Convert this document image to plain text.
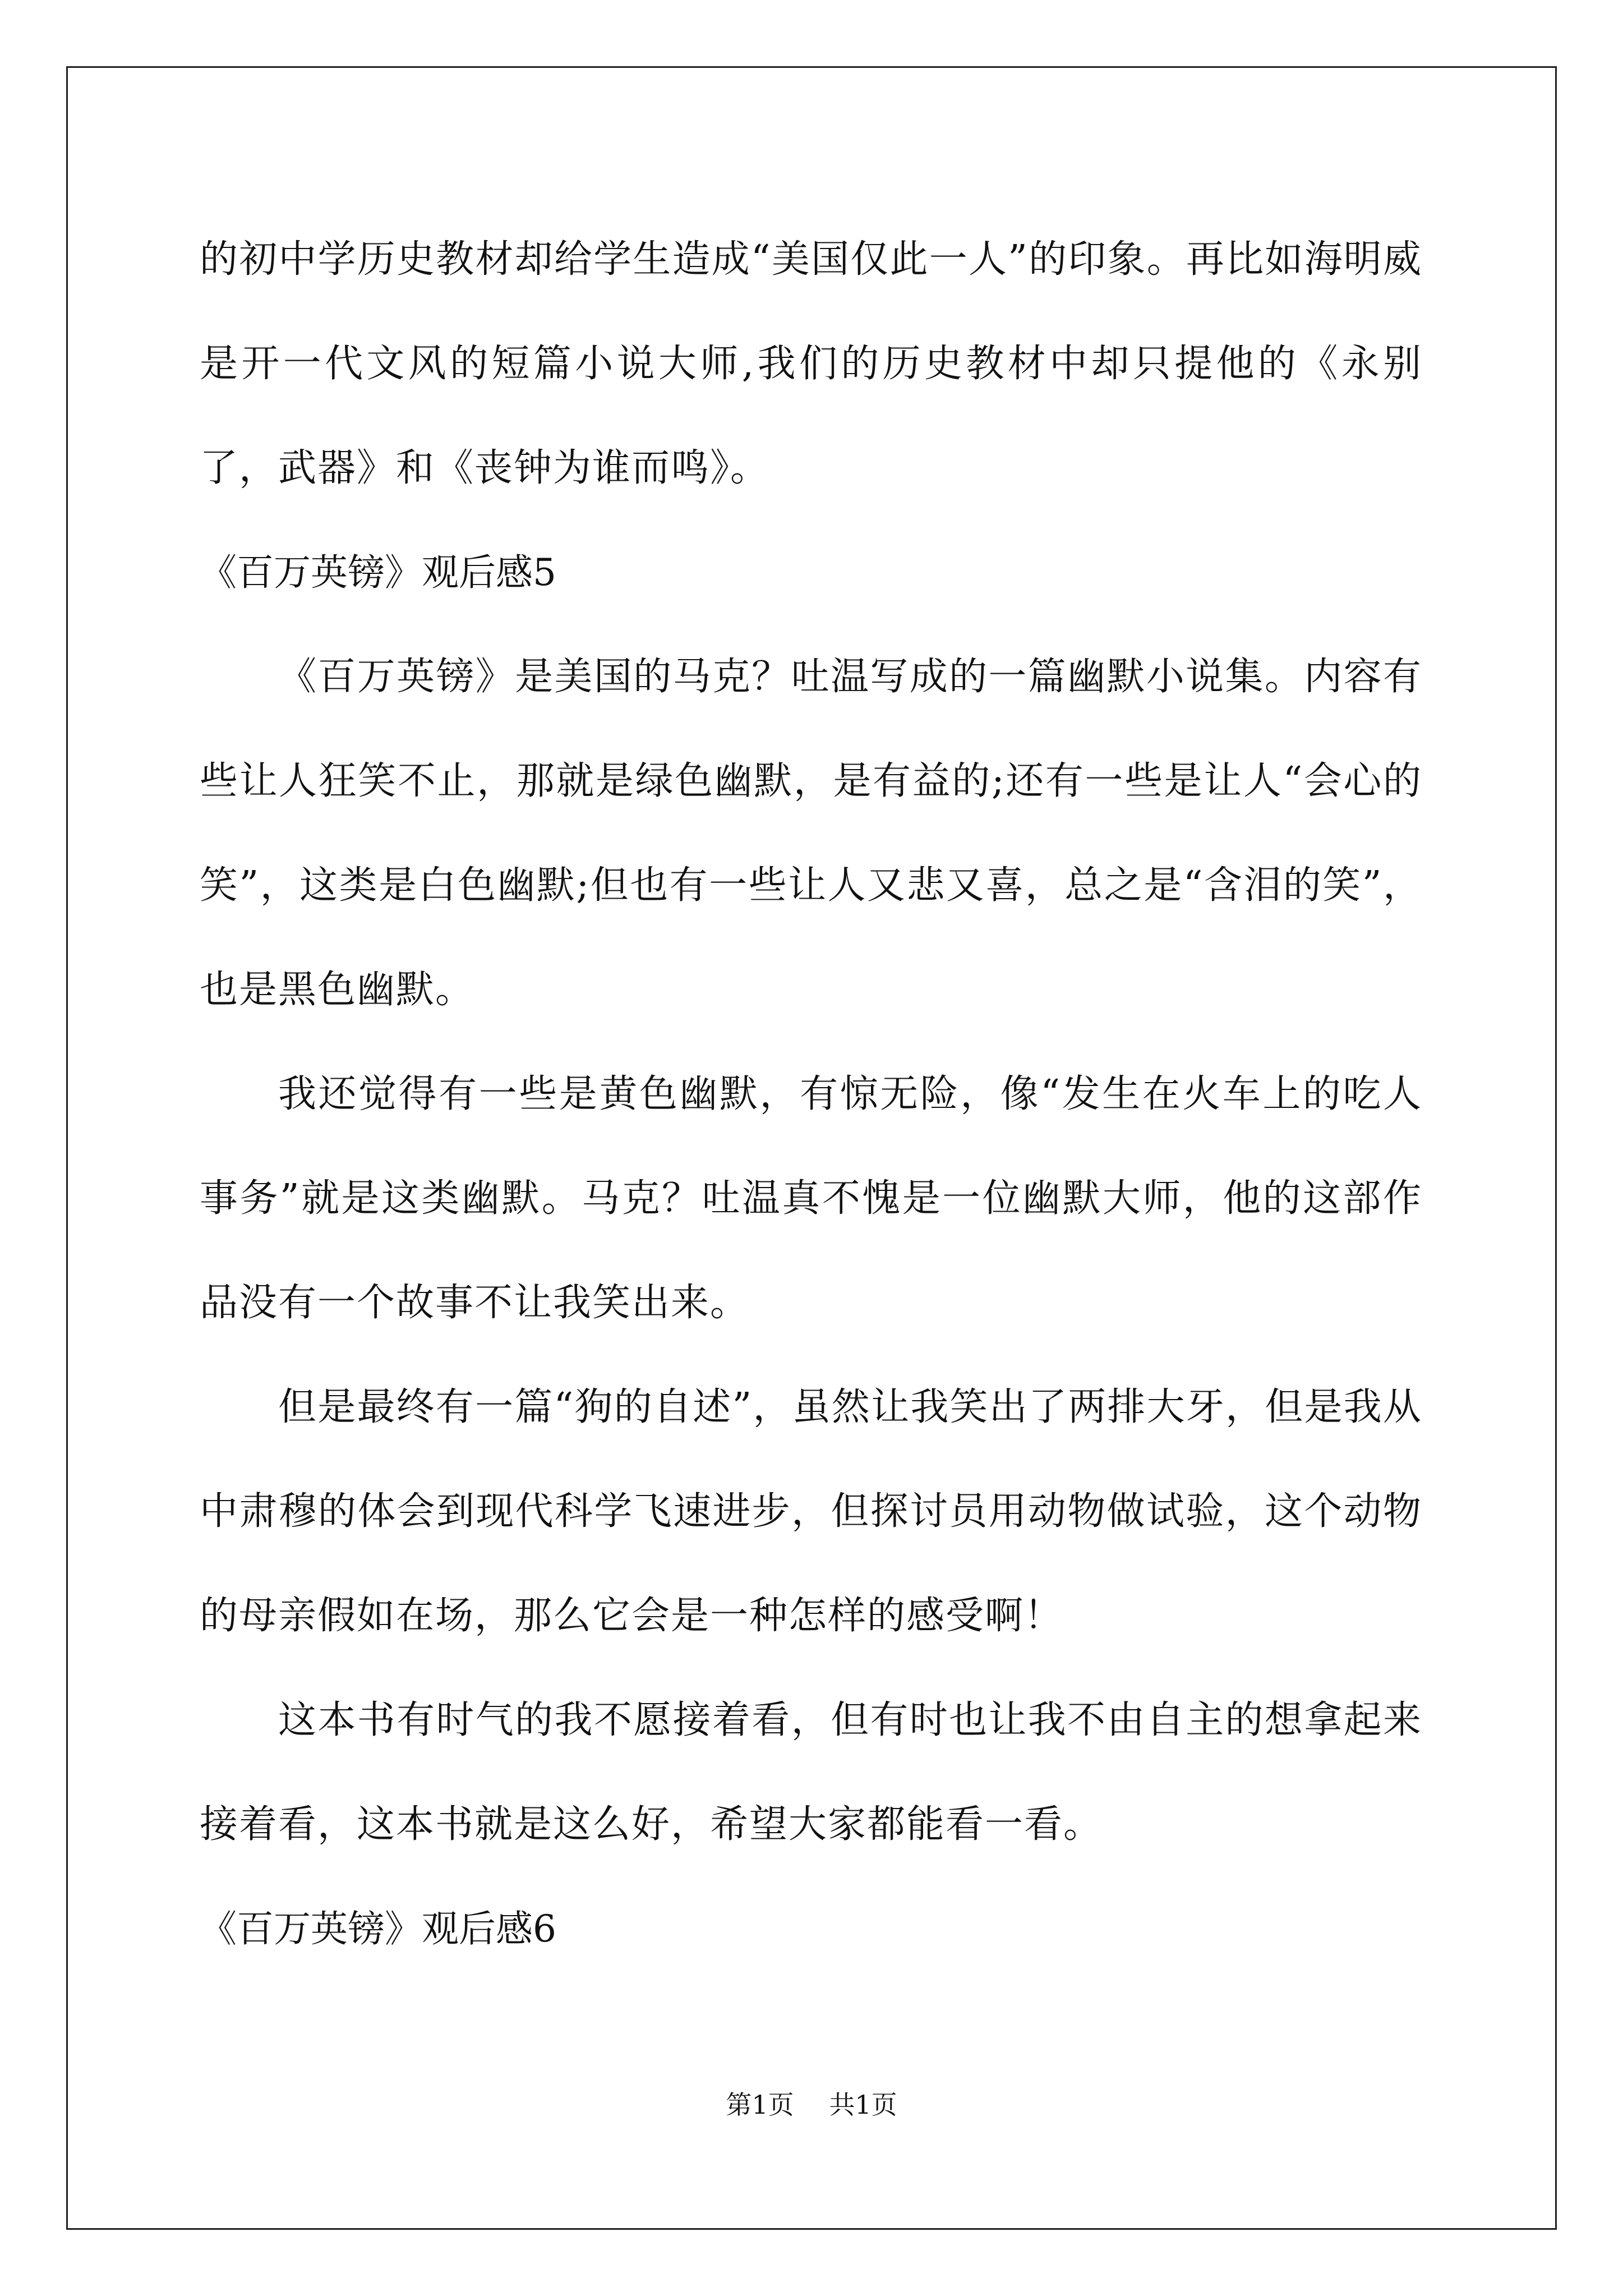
的初中学历史教材却给学生造成“美国仅此一人”的印象。再比如海明威是开一代文风的短篇小说大师,我们的历史教材中却只提他的《永别了，武器》和《丧钟为谁而鸣》。

《百万英镑》观后感5

《百万英镑》是美国的马克？吐温写成的一篇幽默小说集。内容有些让人狂笑不止，那就是绿色幽默，是有益的;还有一些是让人“会心的笑”，这类是白色幽默;但也有一些让人又悲又喜，总之是“含泪的笑”，也是黑色幽默。

我还觉得有一些是黄色幽默，有惊无险，像“发生在火车上的吃人事务”就是这类幽默。马克？吐温真不愧是一位幽默大师，他的这部作品没有一个故事不让我笑出来。

但是最终有一篇“狗的自述”，虽然让我笑出了两排大牙，但是我从中肃穆的体会到现代科学飞速进步，但探讨员用动物做试验，这个动物的母亲假如在场，那么它会是一种怎样的感受啊！

这本书有时气的我不愿接着看，但有时也让我不由自主的想拿起来接着看，这本书就是这么好，希望大家都能看一看。

《百万英镑》观后感6
第1页 共1页
